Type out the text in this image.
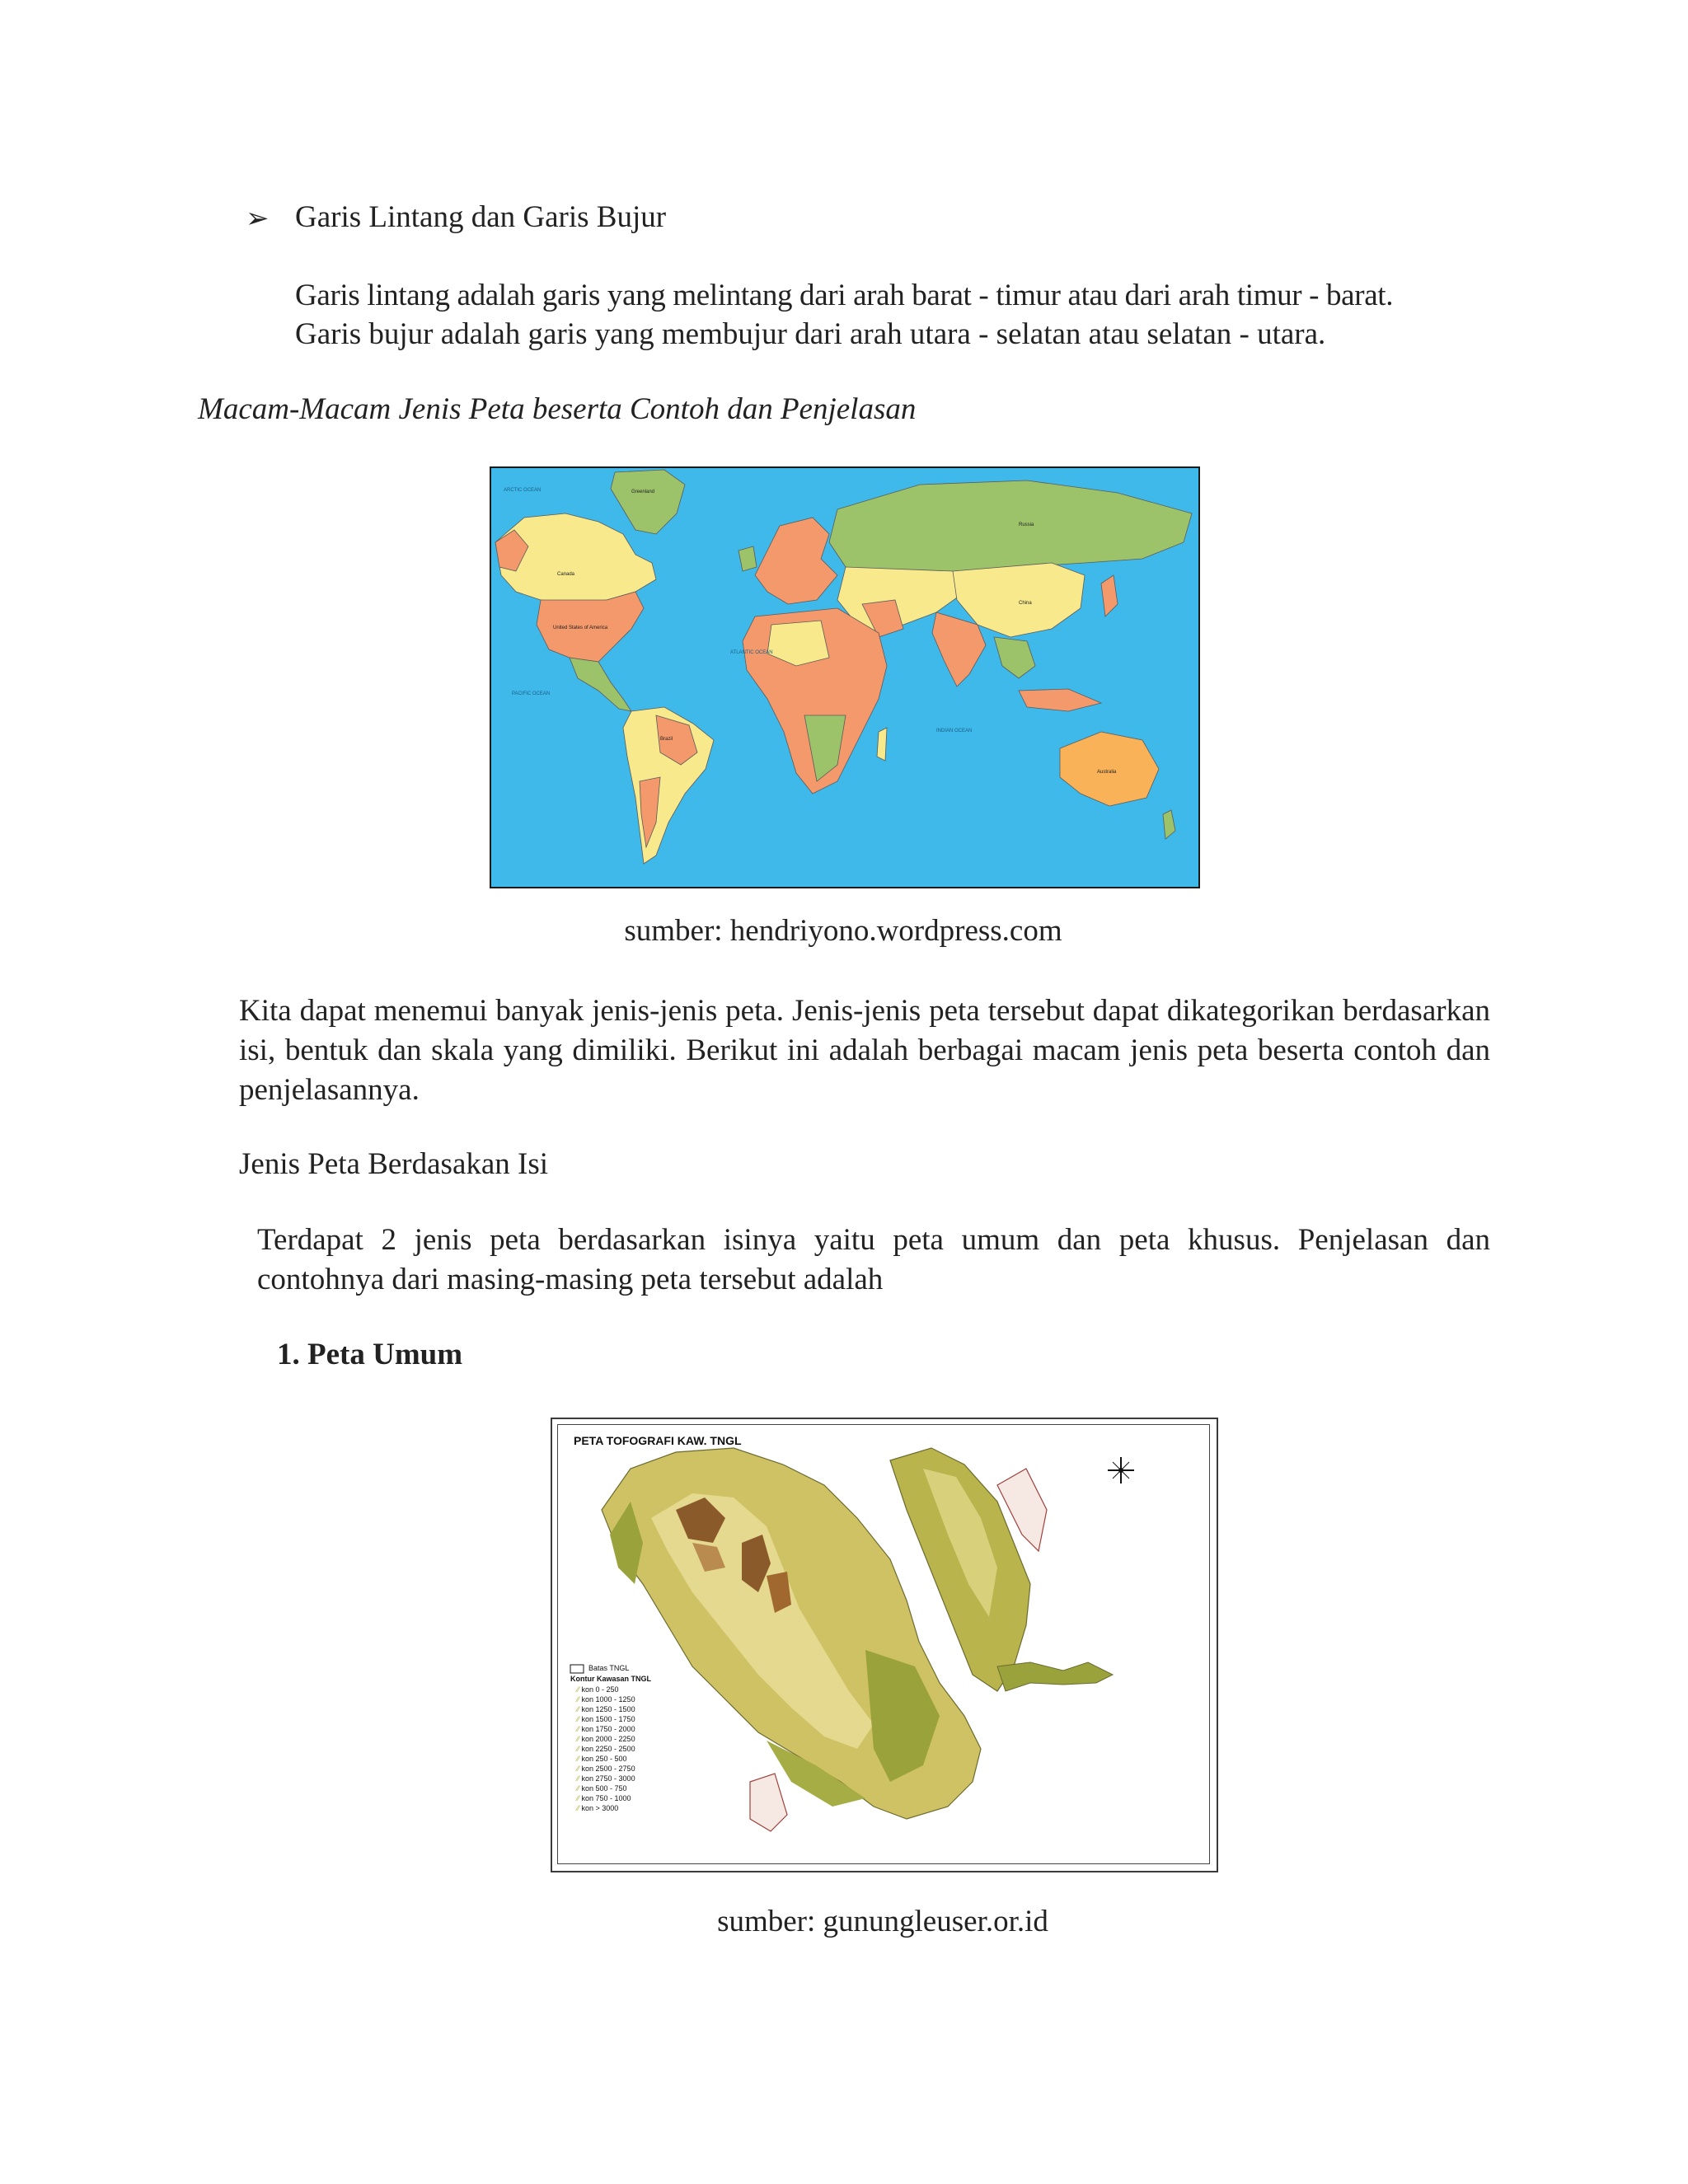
➢ Garis Lintang dan Garis Bujur
Garis lintang adalah garis yang melintang dari arah barat - timur atau dari arah timur - barat.
Garis bujur adalah garis yang membujur dari arah utara - selatan atau selatan - utara.
Macam-Macam Jenis Peta beserta Contoh dan Penjelasan
ARCTIC OCEAN
ATLANTIC OCEAN
PACIFIC OCEAN
INDIAN OCEAN
Greenland
Canada
United States of America
Russia
China
Brazil
Australia
sumber: hendriyono.wordpress.com
Kita dapat menemui banyak jenis-jenis peta. Jenis-jenis peta tersebut dapat dikategorikan berdasarkan isi, bentuk dan skala yang dimiliki. Berikut ini adalah berbagai macam jenis peta beserta contoh dan penjelasannya.
Jenis Peta Berdasakan Isi
Terdapat 2 jenis peta berdasarkan isinya yaitu peta umum dan peta khusus. Penjelasan dan contohnya dari masing-masing peta tersebut adalah
1. Peta Umum
PETA TOFOGRAFI KAW. TNGL
Batas TNGL
Kontur Kawasan TNGL
⁄⁄ kon 0 - 250
⁄⁄ kon 1000 - 1250
⁄⁄ kon 1250 - 1500
⁄⁄ kon 1500 - 1750
⁄⁄ kon 1750 - 2000
⁄⁄ kon 2000 - 2250
⁄⁄ kon 2250 - 2500
⁄⁄ kon 250 - 500
⁄⁄ kon 2500 - 2750
⁄⁄ kon 2750 - 3000
⁄⁄ kon 500 - 750
⁄⁄ kon 750 - 1000
⁄⁄ kon > 3000
sumber: gunungleuser.or.id
